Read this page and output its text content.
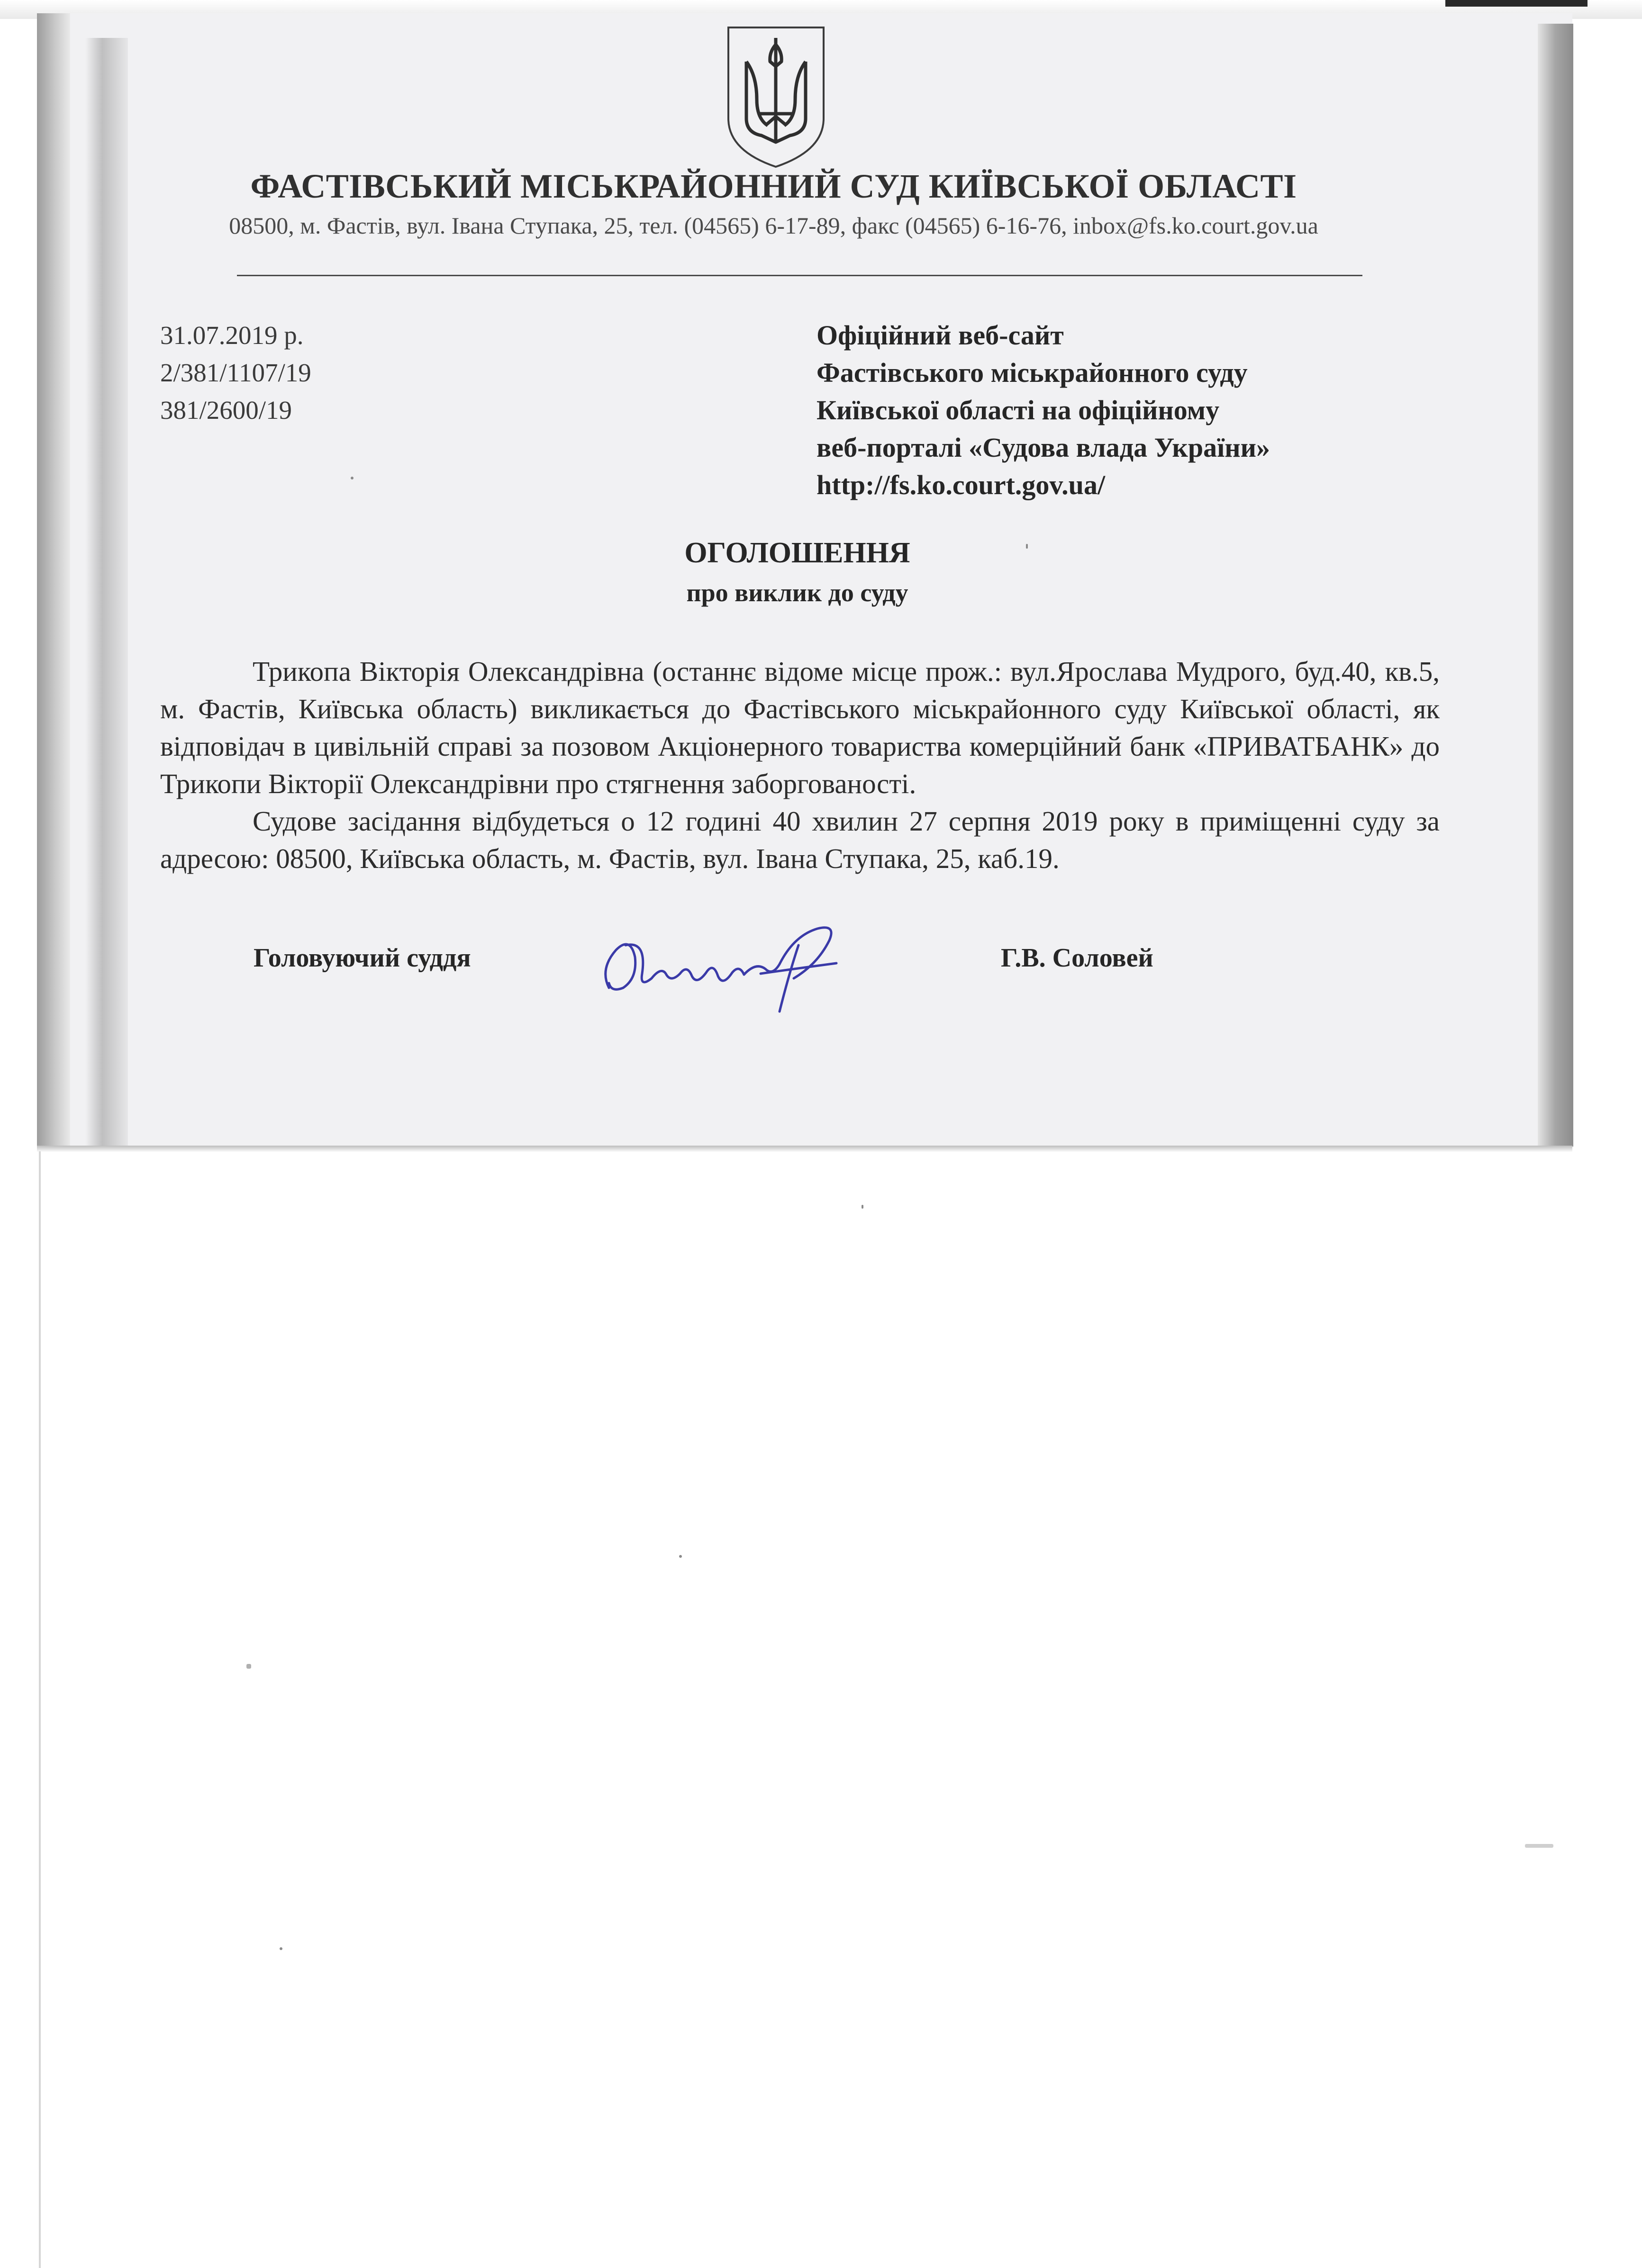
ФАСТІВСЬКИЙ МІСЬКРАЙОННИЙ СУД КИЇВСЬКОЇ ОБЛАСТІ
08500, м. Фастів, вул. Івана Ступака, 25, тел. (04565) 6-17-89, факс (04565) 6-16-76, inbox@fs.ko.court.gov.ua
31.07.2019 р.
2/381/1107/19
381/2600/19
Офіційний веб-сайт
Фастівського міськрайонного суду
Київської області на офіційному
веб-порталі «Судова влада України»
http://fs.ko.court.gov.ua/
ОГОЛОШЕННЯ
про виклик до суду

Трикопа Вікторія Олександрівна (останнє відоме місце прож.: вул.Ярослава Мудрого, буд.40, кв.5, м. Фастів, Київська область) викликається до Фастівського міськрайонного суду Київської області, як відповідач в цивільній справі за позовом Акціонерного товариства комерційний банк «ПРИВАТБАНК» до Трикопи Вікторії Олександрівни про стягнення заборгованості.

Судове засідання відбудеться о 12 годині 40 хвилин 27 серпня 2019 року в приміщенні суду за адресою: 08500, Київська область, м. Фастів, вул. Івана Ступака, 25, каб.19.

Головуючий суддя	Г.В. Соловей
